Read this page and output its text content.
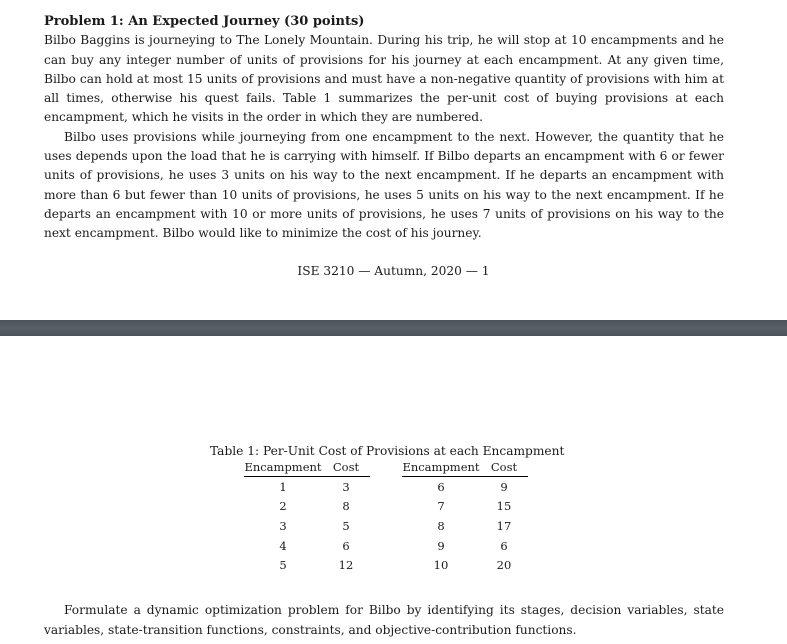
Problem 1: An Expected Journey (30 points)

Bilbo Baggins is journeying to The Lonely Mountain. During his trip, he will stop at 10 encampments and he can buy any integer number of units of provisions for his journey at each encampment. At any given time, Bilbo can hold at most 15 units of provisions and must have a non-negative quantity of provisions with him at all times, otherwise his quest fails. Table 1 summarizes the per-unit cost of buying provisions at each encampment, which he visits in the order in which they are numbered.

Bilbo uses provisions while journeying from one encampment to the next. However, the quantity that he uses depends upon the load that he is carrying with himself. If Bilbo departs an encampment with 6 or fewer units of provisions, he uses 3 units on his way to the next encampment. If he departs an encampment with more than 6 but fewer than 10 units of provisions, he uses 5 units on his way to the next encampment. If he departs an encampment with 10 or more units of provisions, he uses 7 units of provisions on his way to the next encampment. Bilbo would like to minimize the cost of his journey.

ISE 3210 — Autumn, 2020 — 1

Table 1: Per-Unit Cost of Provisions at each Encampment

Encampment	Cost		Encampment	Cost
1	3		6	9
2	8		7	15
3	5		8	17
4	6		9	6
5	12		10	20

Formulate a dynamic optimization problem for Bilbo by identifying its stages, decision variables, state variables, state-transition functions, constraints, and objective-contribution functions.
